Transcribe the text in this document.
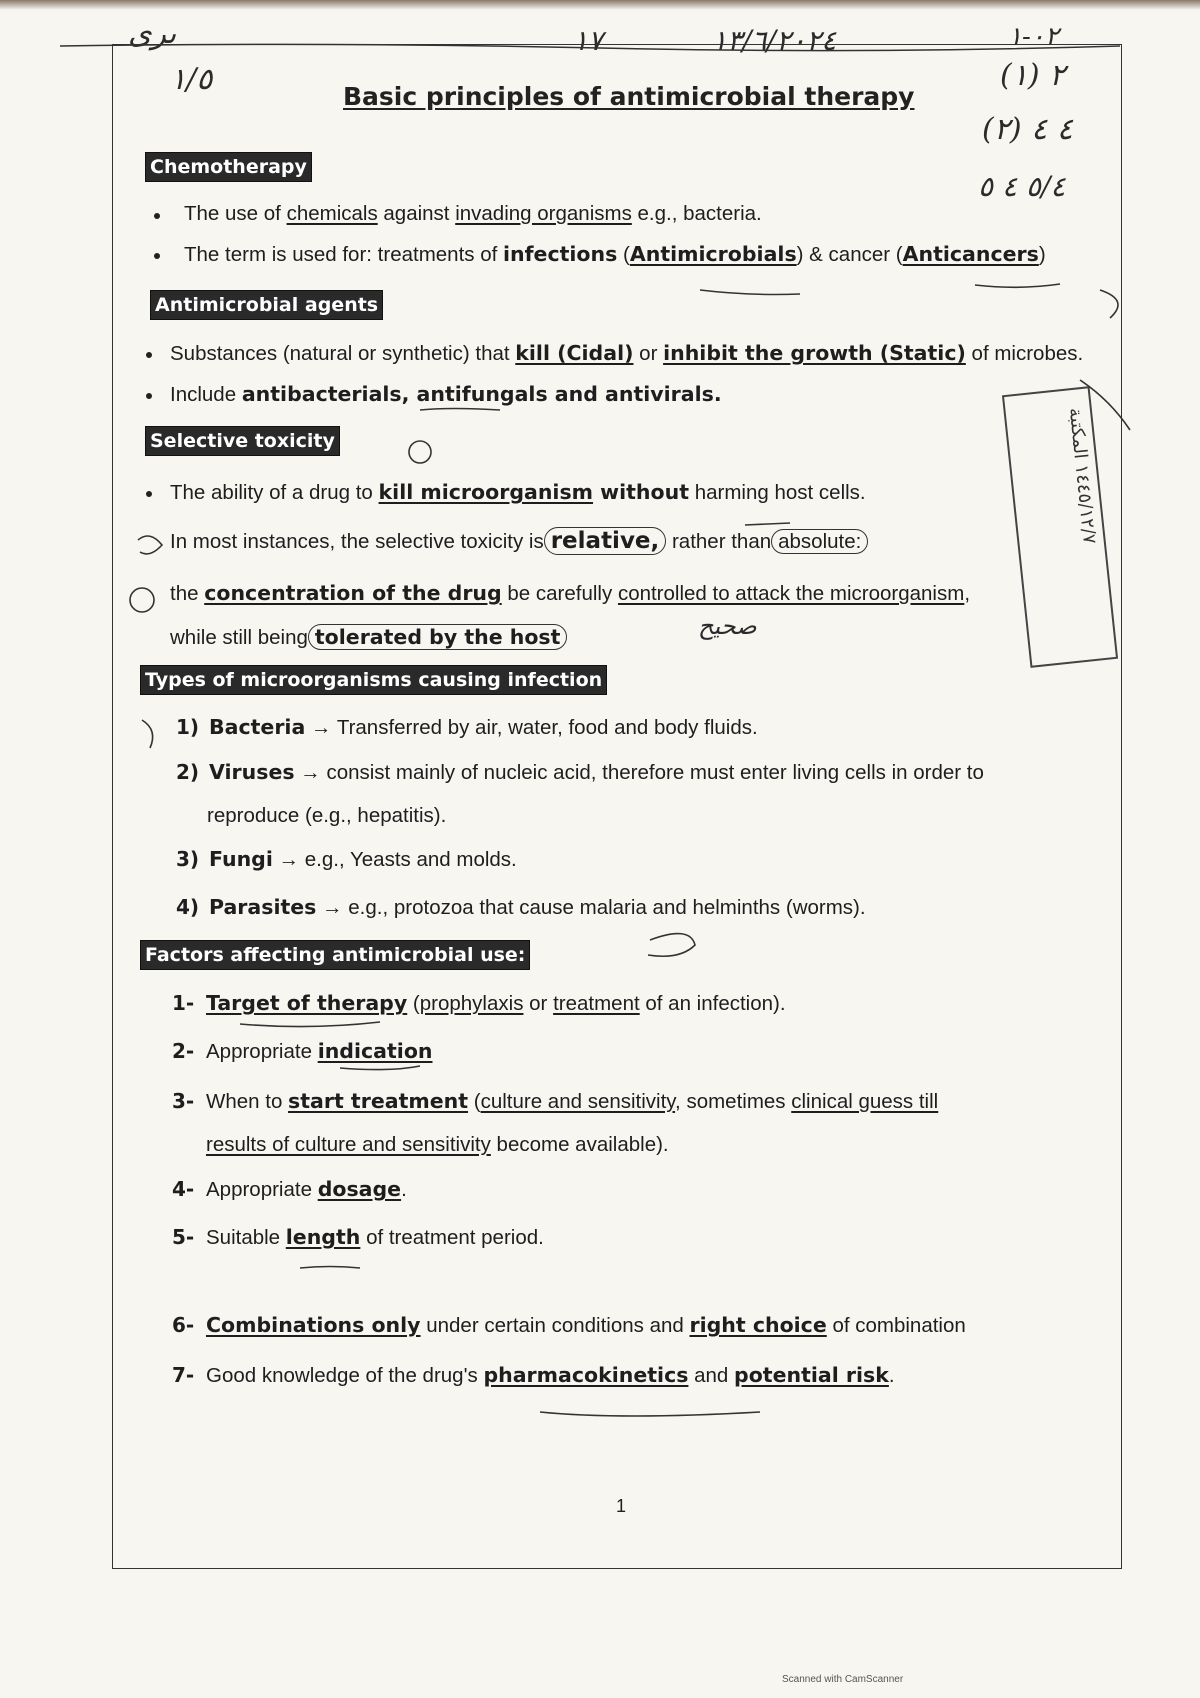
ىرى	١٧	١٣/٦/٢٠٢٤	٠٢-١
١/٥	(١) ٢
(٢) ٤ ٤
٥/٤ ٤ ٥
Basic principles of antimicrobial therapy
Chemotherapy
The use of chemicals against invading organisms e.g., bacteria.
The term is used for: treatments of infections (Antimicrobials) & cancer (Anticancers)
Antimicrobial agents
Substances (natural or synthetic) that kill (Cidal) or inhibit the growth (Static) of microbes.
Include antibacterials, antifungals and antivirals.
Selective toxicity
The ability of a drug to kill microorganism without harming host cells.
In most instances, the selective toxicity is relative, rather than absolute:
the concentration of the drug be carefully controlled to attack the microorganism,
while still being tolerated by the host	صحيح
١٤٤٥/١٢/٧ المكتبة
Types of microorganisms causing infection
1) Bacteria → Transferred by air, water, food and body fluids.
2) Viruses → consist mainly of nucleic acid, therefore must enter living cells in order to
reproduce (e.g., hepatitis).
3) Fungi → e.g., Yeasts and molds.
4) Parasites → e.g., protozoa that cause malaria and helminths (worms).
Factors affecting antimicrobial use:
1- Target of therapy (prophylaxis or treatment of an infection).
2- Appropriate indication
3- When to start treatment (culture and sensitivity, sometimes clinical guess till
results of culture and sensitivity become available).
4- Appropriate dosage.
5- Suitable length of treatment period.
6- Combinations only under certain conditions and right choice of combination
7- Good knowledge of the drug's pharmacokinetics and potential risk.
1
Scanned with CamScanner
